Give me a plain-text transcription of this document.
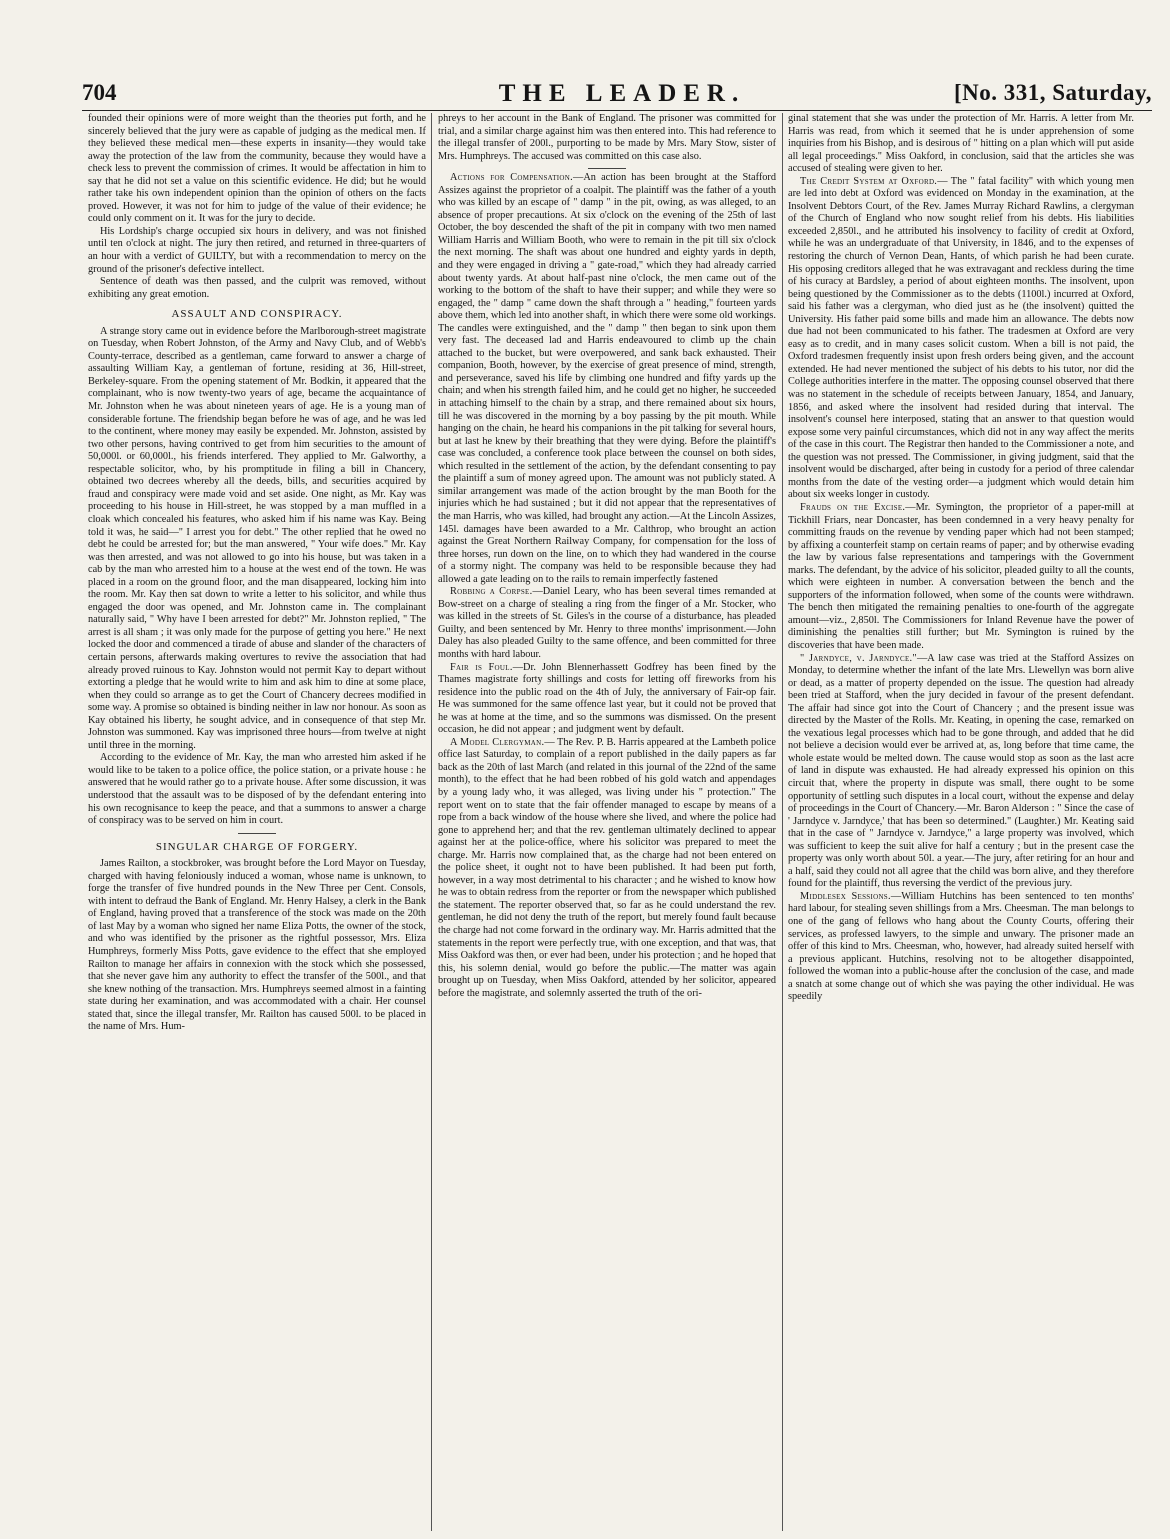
704	THE LEADER.	[No. 331, Saturday,

founded their opinions were of more weight than the theories put forth, and he sincerely believed that the jury were as capable of judging as the medical men. If they believed these medical men—these experts in insanity—they would take away the protection of the law from the community, because they would have a check less to prevent the commission of crimes. It would be affectation in him to say that he did not set a value on this scientific evidence. He did; but he would rather take his own independent opinion than the opinion of others on the facts proved. However, it was not for him to judge of the value of their evidence; he could only comment on it. It was for the jury to decide.

His Lordship's charge occupied six hours in delivery, and was not finished until ten o'clock at night. The jury then retired, and returned in three-quarters of an hour with a verdict of GUILTY, but with a recommendation to mercy on the ground of the prisoner's defective intellect.

Sentence of death was then passed, and the culprit was removed, without exhibiting any great emotion.

ASSAULT AND CONSPIRACY.

A strange story came out in evidence before the Marlborough-street magistrate on Tuesday, when Robert Johnston, of the Army and Navy Club, and of Webb's County-terrace, described as a gentleman, came forward to answer a charge of assaulting William Kay, a gentleman of fortune, residing at 36, Hill-street, Berkeley-square. From the opening statement of Mr. Bodkin, it appeared that the complainant, who is now twenty-two years of age, became the acquaintance of Mr. Johnston when he was about nineteen years of age. He is a young man of considerable fortune. The friendship began before he was of age, and he was led to the continent, where money may easily be expended. Mr. Johnston, assisted by two other persons, having contrived to get from him securities to the amount of 50,000l. or 60,000l., his friends interfered. They applied to Mr. Galworthy, a respectable solicitor, who, by his promptitude in filing a bill in Chancery, obtained two decrees whereby all the deeds, bills, and securities acquired by fraud and conspiracy were made void and set aside. One night, as Mr. Kay was proceeding to his house in Hill-street, he was stopped by a man muffled in a cloak which concealed his features, who asked him if his name was Kay. Being told it was, he said—" I arrest you for debt." The other replied that he owed no debt he could be arrested for; but the man answered, " Your wife does." Mr. Kay was then arrested, and was not allowed to go into his house, but was taken in a cab by the man who arrested him to a house at the west end of the town. He was placed in a room on the ground floor, and the man disappeared, locking him into the room. Mr. Kay then sat down to write a letter to his solicitor, and while thus engaged the door was opened, and Mr. Johnston came in. The complainant naturally said, " Why have I been arrested for debt?" Mr. Johnston replied, " The arrest is all sham ; it was only made for the purpose of getting you here." He next locked the door and commenced a tirade of abuse and slander of the characters of certain persons, afterwards making overtures to revive the association that had already proved ruinous to Kay. Johnston would not permit Kay to depart without extorting a pledge that he would write to him and ask him to dine at some place, when they could so arrange as to get the Court of Chancery decrees modified in some way. A promise so obtained is binding neither in law nor honour. As soon as Kay obtained his liberty, he sought advice, and in consequence of that step Mr. Johnston was summoned. Kay was imprisoned three hours—from twelve at night until three in the morning.

According to the evidence of Mr. Kay, the man who arrested him asked if he would like to be taken to a police office, the police station, or a private house : he answered that he would rather go to a private house. After some discussion, it was understood that the assault was to be disposed of by the defendant entering into his own recognisance to keep the peace, and that a summons to answer a charge of conspiracy was to be served on him in court.

SINGULAR CHARGE OF FORGERY.

James Railton, a stockbroker, was brought before the Lord Mayor on Tuesday, charged with having feloniously induced a woman, whose name is unknown, to forge the transfer of five hundred pounds in the New Three per Cent. Consols, with intent to defraud the Bank of England. Mr. Henry Halsey, a clerk in the Bank of England, having proved that a transference of the stock was made on the 20th of last May by a woman who signed her name Eliza Potts, the owner of the stock, and who was identified by the prisoner as the rightful possessor, Mrs. Eliza Humphreys, formerly Miss Potts, gave evidence to the effect that she employed Railton to manage her affairs in connexion with the stock which she possessed, that she never gave him any authority to effect the transfer of the 500l., and that she knew nothing of the transaction. Mrs. Humphreys seemed almost in a fainting state during her examination, and was accommodated with a chair. Her counsel stated that, since the illegal transfer, Mr. Railton has caused 500l. to be placed in the name of Mrs. Hum-

phreys to her account in the Bank of England. The prisoner was committed for trial, and a similar charge against him was then entered into. This had reference to the illegal transfer of 200l., purporting to be made by Mrs. Mary Stow, sister of Mrs. Humphreys. The accused was committed on this case also.

Actions for Compensation.—An action has been brought at the Stafford Assizes against the proprietor of a coalpit. The plaintiff was the father of a youth who was killed by an escape of " damp " in the pit, owing, as was alleged, to an absence of proper precautions. At six o'clock on the evening of the 25th of last October, the boy descended the shaft of the pit in company with two men named William Harris and William Booth, who were to remain in the pit till six o'clock the next morning. The shaft was about one hundred and eighty yards in depth, and they were engaged in driving a " gate-road," which they had already carried about twenty yards. At about half-past nine o'clock, the men came out of the working to the bottom of the shaft to have their supper; and while they were so engaged, the " damp " came down the shaft through a " heading," fourteen yards above them, which led into another shaft, in which there were some old workings. The candles were extinguished, and the " damp " then began to sink upon them very fast. The deceased lad and Harris endeavoured to climb up the chain attached to the bucket, but were overpowered, and sank back exhausted. Their companion, Booth, however, by the exercise of great presence of mind, strength, and perseverance, saved his life by climbing one hundred and fifty yards up the chain; and when his strength failed him, and he could get no higher, he succeeded in attaching himself to the chain by a strap, and there remained about six hours, till he was discovered in the morning by a boy passing by the pit mouth. While hanging on the chain, he heard his companions in the pit talking for several hours, but at last he knew by their breathing that they were dying. Before the plaintiff's case was concluded, a conference took place between the counsel on both sides, which resulted in the settlement of the action, by the defendant consenting to pay the plaintiff a sum of money agreed upon. The amount was not publicly stated. A similar arrangement was made of the action brought by the man Booth for the injuries which he had sustained ; but it did not appear that the representatives of the man Harris, who was killed, had brought any action.—At the Lincoln Assizes, 145l. damages have been awarded to a Mr. Calthrop, who brought an action against the Great Northern Railway Company, for compensation for the loss of three horses, run down on the line, on to which they had wandered in the course of a stormy night. The company was held to be responsible because they had allowed a gate leading on to the rails to remain imperfectly fastened

Robbing a Corpse.—Daniel Leary, who has been several times remanded at Bow-street on a charge of stealing a ring from the finger of a Mr. Stocker, who was killed in the streets of St. Giles's in the course of a disturbance, has pleaded Guilty, and been sentenced by Mr. Henry to three months' imprisonment.—John Daley has also pleaded Guilty to the same offence, and been committed for three months with hard labour.

Fair is Foul.—Dr. John Blennerhassett Godfrey has been fined by the Thames magistrate forty shillings and costs for letting off fireworks from his residence into the public road on the 4th of July, the anniversary of Fair-op fair. He was summoned for the same offence last year, but it could not be proved that he was at home at the time, and so the summons was dismissed. On the present occasion, he did not appear ; and judgment went by default.

A Model Clergyman.— The Rev. P. B. Harris appeared at the Lambeth police office last Saturday, to complain of a report published in the daily papers as far back as the 20th of last March (and related in this journal of the 22nd of the same month), to the effect that he had been robbed of his gold watch and appendages by a young lady who, it was alleged, was living under his " protection." The report went on to state that the fair offender managed to escape by means of a rope from a back window of the house where she lived, and where the police had gone to apprehend her; and that the rev. gentleman ultimately declined to appear against her at the police-office, where his solicitor was prepared to meet the charge. Mr. Harris now complained that, as the charge had not been entered on the police sheet, it ought not to have been published. It had been put forth, however, in a way most detrimental to his character ; and he wished to know how he was to obtain redress from the reporter or from the newspaper which published the statement. The reporter observed that, so far as he could understand the rev. gentleman, he did not deny the truth of the report, but merely found fault because the charge had not come forward in the ordinary way. Mr. Harris admitted that the statements in the report were perfectly true, with one exception, and that was, that Miss Oakford was then, or ever had been, under his protection ; and he hoped that this, his solemn denial, would go before the public.—The matter was again brought up on Tuesday, when Miss Oakford, attended by her solicitor, appeared before the magistrate, and solemnly asserted the truth of the ori-

ginal statement that she was under the protection of Mr. Harris. A letter from Mr. Harris was read, from which it seemed that he is under apprehension of some inquiries from his Bishop, and is desirous of " hitting on a plan which will put aside all legal proceedings." Miss Oakford, in conclusion, said that the articles she was accused of stealing were given to her.

The Credit System at Oxford.— The " fatal facility" with which young men are led into debt at Oxford was evidenced on Monday in the examination, at the Insolvent Debtors Court, of the Rev. James Murray Richard Rawlins, a clergyman of the Church of England who now sought relief from his debts. His liabilities exceeded 2,850l., and he attributed his insolvency to facility of credit at Oxford, while he was an undergraduate of that University, in 1846, and to the expenses of restoring the church of Vernon Dean, Hants, of which parish he had been curate. His opposing creditors alleged that he was extravagant and reckless during the time of his curacy at Bardsley, a period of about eighteen months. The insolvent, upon being questioned by the Commissioner as to the debts (1100l.) incurred at Oxford, said his father was a clergyman, who died just as he (the insolvent) quitted the University. His father paid some bills and made him an allowance. The debts now due had not been communicated to his father. The tradesmen at Oxford are very easy as to credit, and in many cases solicit custom. When a bill is not paid, the Oxford tradesmen frequently insist upon fresh orders being given, and the account extended. He had never mentioned the subject of his debts to his tutor, nor did the College authorities interfere in the matter. The opposing counsel observed that there was no statement in the schedule of receipts between January, 1854, and January, 1856, and asked where the insolvent had resided during that interval. The insolvent's counsel here interposed, stating that an answer to that question would expose some very painful circumstances, which did not in any way affect the merits of the case in this court. The Registrar then handed to the Commissioner a note, and the question was not pressed. The Commissioner, in giving judgment, said that the insolvent would be discharged, after being in custody for a period of three calendar months from the date of the vesting order—a judgment which would detain him about six weeks longer in custody.

Frauds on the Excise.—Mr. Symington, the proprietor of a paper-mill at Tickhill Friars, near Doncaster, has been condemned in a very heavy penalty for committing frauds on the revenue by vending paper which had not been stamped; by affixing a counterfeit stamp on certain reams of paper; and by otherwise evading the law by various false representations and tamperings with the Government marks. The defendant, by the advice of his solicitor, pleaded guilty to all the counts, which were eighteen in number. A conversation between the bench and the supporters of the information followed, when some of the counts were withdrawn. The bench then mitigated the remaining penalties to one-fourth of the aggregate amount—viz., 2,850l. The Commissioners for Inland Revenue have the power of diminishing the penalties still further; but Mr. Symington is ruined by the discoveries that have been made.

" Jarndyce, v. Jarndyce."—A law case was tried at the Stafford Assizes on Monday, to determine whether the infant of the late Mrs. Llewellyn was born alive or dead, as a matter of property depended on the issue. The question had already been tried at Stafford, when the jury decided in favour of the present defendant. The affair had since got into the Court of Chancery ; and the present issue was directed by the Master of the Rolls. Mr. Keating, in opening the case, remarked on the vexatious legal processes which had to be gone through, and added that he did not believe a decision would ever be arrived at, as, long before that time came, the whole estate would be melted down. The cause would stop as soon as the last acre of land in dispute was exhausted. He had already expressed his opinion on this circuit that, where the property in dispute was small, there ought to be some opportunity of settling such disputes in a local court, without the expense and delay of proceedings in the Court of Chancery.—Mr. Baron Alderson : " Since the case of ' Jarndyce v. Jarndyce,' that has been so determined." (Laughter.) Mr. Keating said that in the case of " Jarndyce v. Jarndyce," a large property was involved, which was sufficient to keep the suit alive for half a century ; but in the present case the property was only worth about 50l. a year.—The jury, after retiring for an hour and a half, said they could not all agree that the child was born alive, and they therefore found for the plaintiff, thus reversing the verdict of the previous jury.

Middlesex Sessions.—William Hutchins has been sentenced to ten months' hard labour, for stealing seven shillings from a Mrs. Cheesman. The man belongs to one of the gang of fellows who hang about the County Courts, offering their services, as professed lawyers, to the simple and unwary. The prisoner made an offer of this kind to Mrs. Cheesman, who, however, had already suited herself with a previous applicant. Hutchins, resolving not to be altogether disappointed, followed the woman into a public-house after the conclusion of the case, and made a snatch at some change out of which she was paying the other individual. He was speedily
